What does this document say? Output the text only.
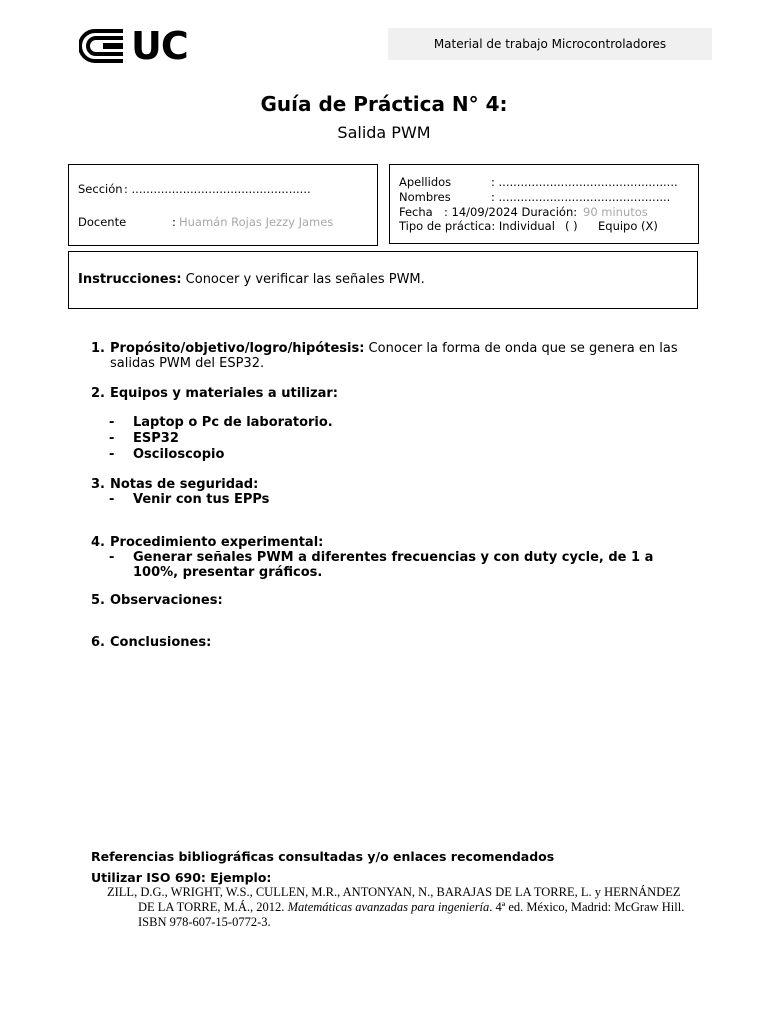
UC	Material de trabajo Microcontroladores
Guía de Práctica N° 4:
Salida PWM
Sección : .................................................
Docente	: Huamán Rojas Jezzy James
Apellidos	: .................................................
Nombres	: ...............................................
Fecha : 14/09/2024 Duración: 90 minutos
Tipo de práctica: Individual ( ) Equipo (X)
Instrucciones: Conocer y verificar las señales PWM.
1. Propósito/objetivo/logro/hipótesis: Conocer la forma de onda que se genera en las salidas PWM del ESP32.
2. Equipos y materiales a utilizar:
- Laptop o Pc de laboratorio.
- ESP32
- Osciloscopio
3. Notas de seguridad:
- Venir con tus EPPs
4. Procedimiento experimental:
- Generar señales PWM a diferentes frecuencias y con duty cycle, de 1 a 100%, presentar gráficos.
5. Observaciones:
6. Conclusiones:
Referencias bibliográficas consultadas y/o enlaces recomendados
Utilizar ISO 690: Ejemplo:
ZILL, D.G., WRIGHT, W.S., CULLEN, M.R., ANTONYAN, N., BARAJAS DE LA TORRE, L. y HERNÁNDEZ DE LA TORRE, M.Á., 2012. Matemáticas avanzadas para ingeniería. 4ª ed. México, Madrid: McGraw Hill. ISBN 978-607-15-0772-3.
